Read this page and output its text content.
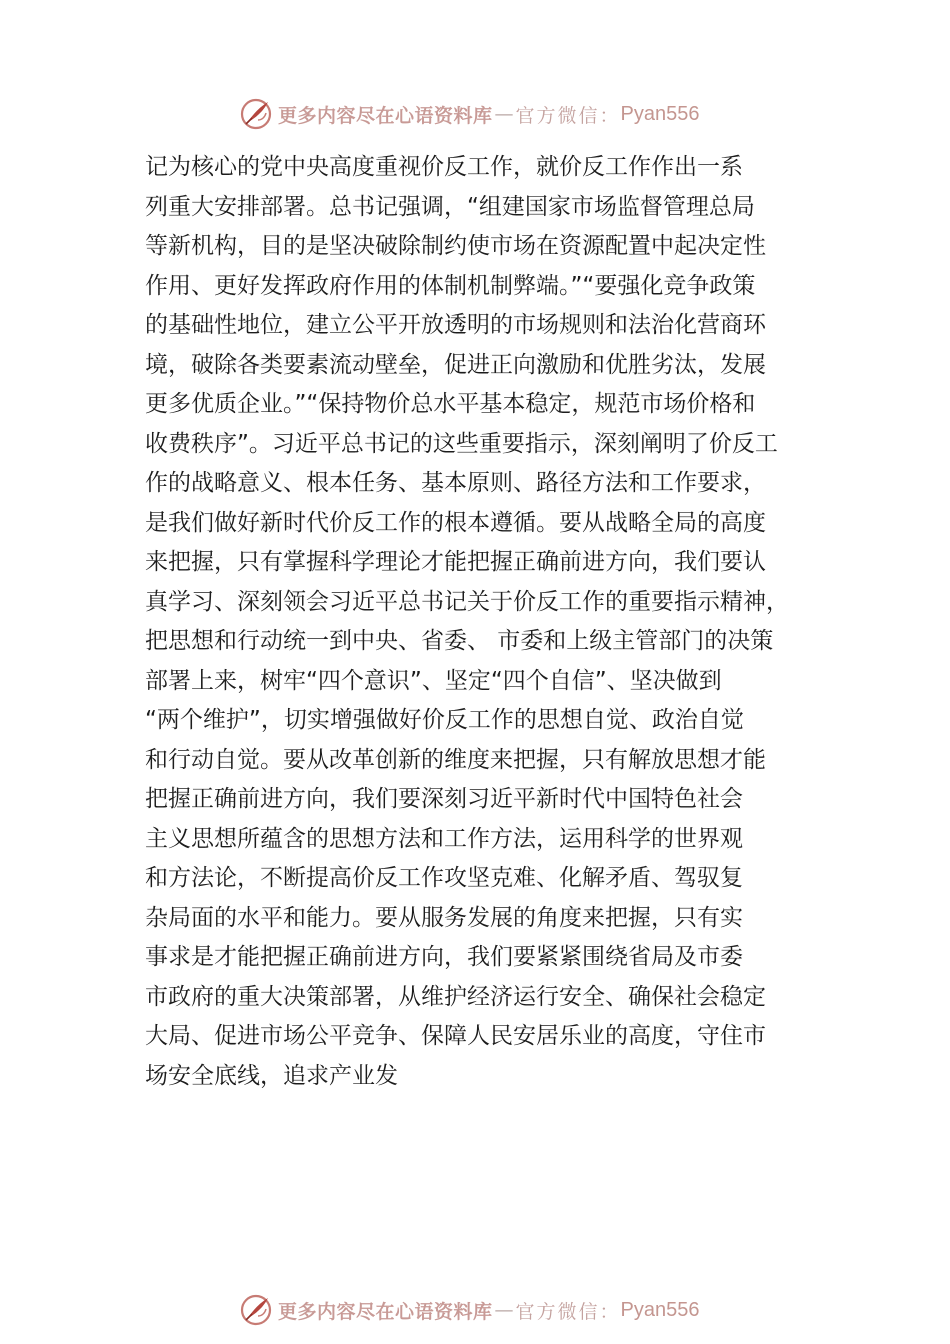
更多内容尽在心语资料库 — 官方微信： Pyan556
记为核心的党中央高度重视价反工作，就价反工作作出一系
列重大安排部署。总书记强调，“组建国家市场监督管理总局
等新机构，目的是坚决破除制约使市场在资源配置中起决定性
作用、更好发挥政府作用的体制机制弊端。”“要强化竞争政策
的基础性地位，建立公平开放透明的市场规则和法治化营商环
境，破除各类要素流动壁垒，促进正向激励和优胜劣汰，发展
更多优质企业。”“保持物价总水平基本稳定，规范市场价格和
收费秩序”。习近平总书记的这些重要指示，深刻阐明了价反工
作的战略意义、根本任务、基本原则、路径方法和工作要求，
是我们做好新时代价反工作的根本遵循。要从战略全局的高度
来把握，只有掌握科学理论才能把握正确前进方向，我们要认
真学习、深刻领会习近平总书记关于价反工作的重要指示精神，
把思想和行动统一到中央、省委、 市委和上级主管部门的决策
部署上来，树牢“四个意识”、坚定“四个自信”、坚决做到
“两个维护”，切实增强做好价反工作的思想自觉、政治自觉
和行动自觉。要从改革创新的维度来把握，只有解放思想才能
把握正确前进方向，我们要深刻习近平新时代中国特色社会
主义思想所蕴含的思想方法和工作方法，运用科学的世界观
和方法论，不断提高价反工作攻坚克难、化解矛盾、驾驭复
杂局面的水平和能力。要从服务发展的角度来把握，只有实
事求是才能把握正确前进方向，我们要紧紧围绕省局及市委
市政府的重大决策部署，从维护经济运行安全、确保社会稳定
大局、促进市场公平竞争、保障人民安居乐业的高度，守住市
场安全底线，追求产业发
更多内容尽在心语资料库 — 官方微信： Pyan556
